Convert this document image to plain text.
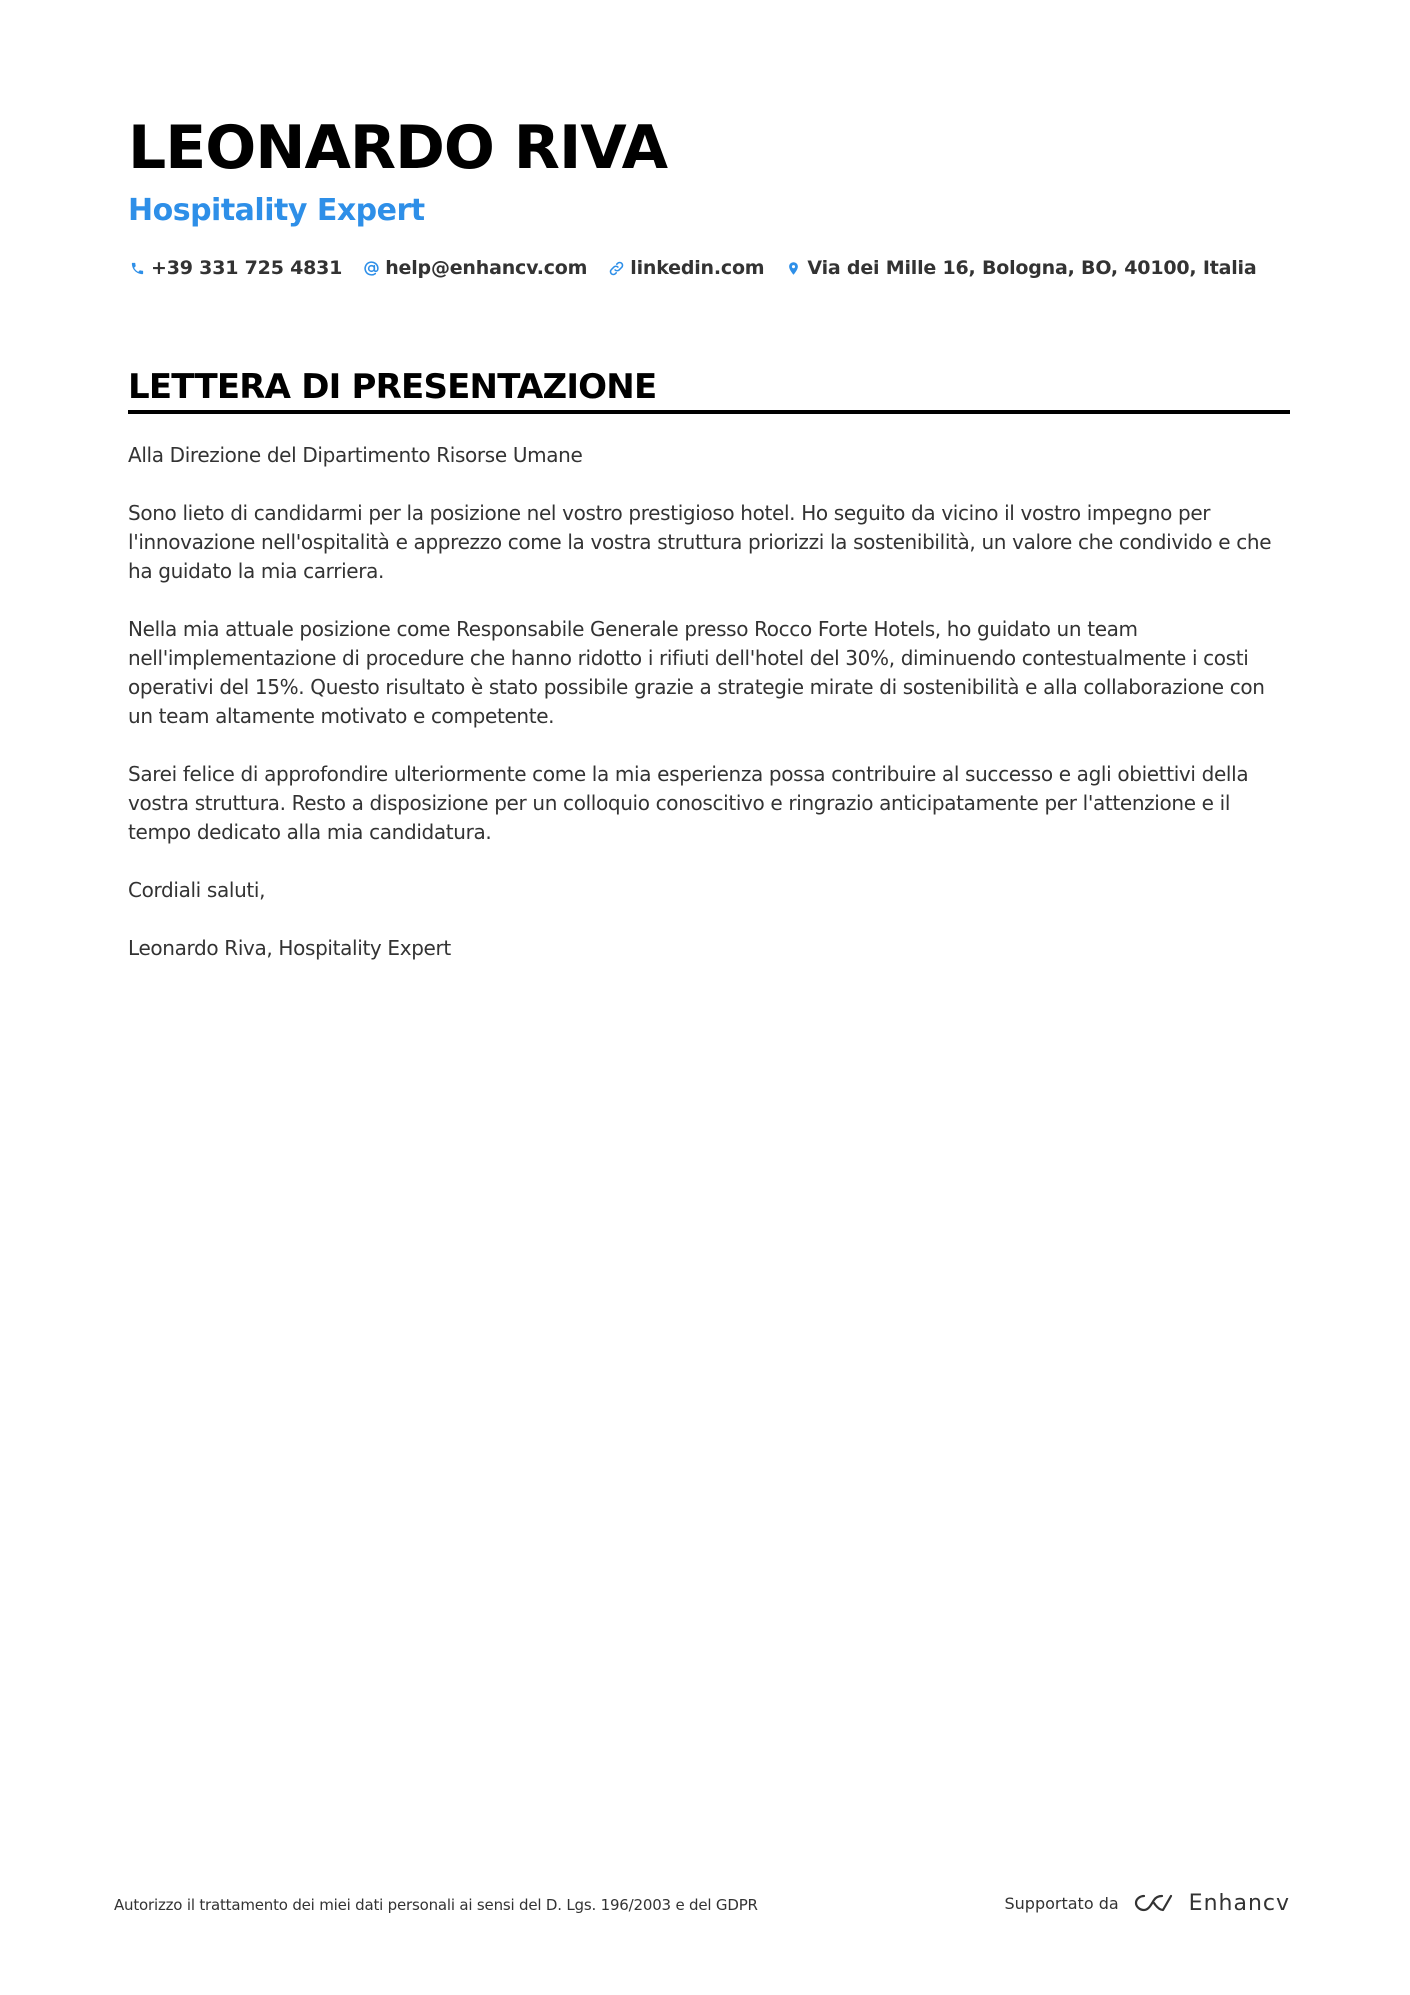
LEONARDO RIVA
Hospitality Expert
+39 331 725 4831 help@enhancv.com linkedin.com Via dei Mille 16, Bologna, BO, 40100, Italia
LETTERA DI PRESENTAZIONE

Alla Direzione del Dipartimento Risorse Umane

Sono lieto di candidarmi per la posizione nel vostro prestigioso hotel. Ho seguito da vicino il vostro impegno per l'innovazione nell'ospitalità e apprezzo come la vostra struttura priorizzi la sostenibilità, un valore che condivido e che ha guidato la mia carriera.

Nella mia attuale posizione come Responsabile Generale presso Rocco Forte Hotels, ho guidato un team nell'implementazione di procedure che hanno ridotto i rifiuti dell'hotel del 30%, diminuendo contestualmente i costi operativi del 15%. Questo risultato è stato possibile grazie a strategie mirate di sostenibilità e alla collaborazione con un team altamente motivato e competente.

Sarei felice di approfondire ulteriormente come la mia esperienza possa contribuire al successo e agli obiettivi della vostra struttura. Resto a disposizione per un colloquio conoscitivo e ringrazio anticipatamente per l'attenzione e il tempo dedicato alla mia candidatura.

Cordiali saluti,

Leonardo Riva, Hospitality Expert

Autorizzo il trattamento dei miei dati personali ai sensi del D. Lgs. 196/2003 e del GDPR	Supportato da	Enhancv
